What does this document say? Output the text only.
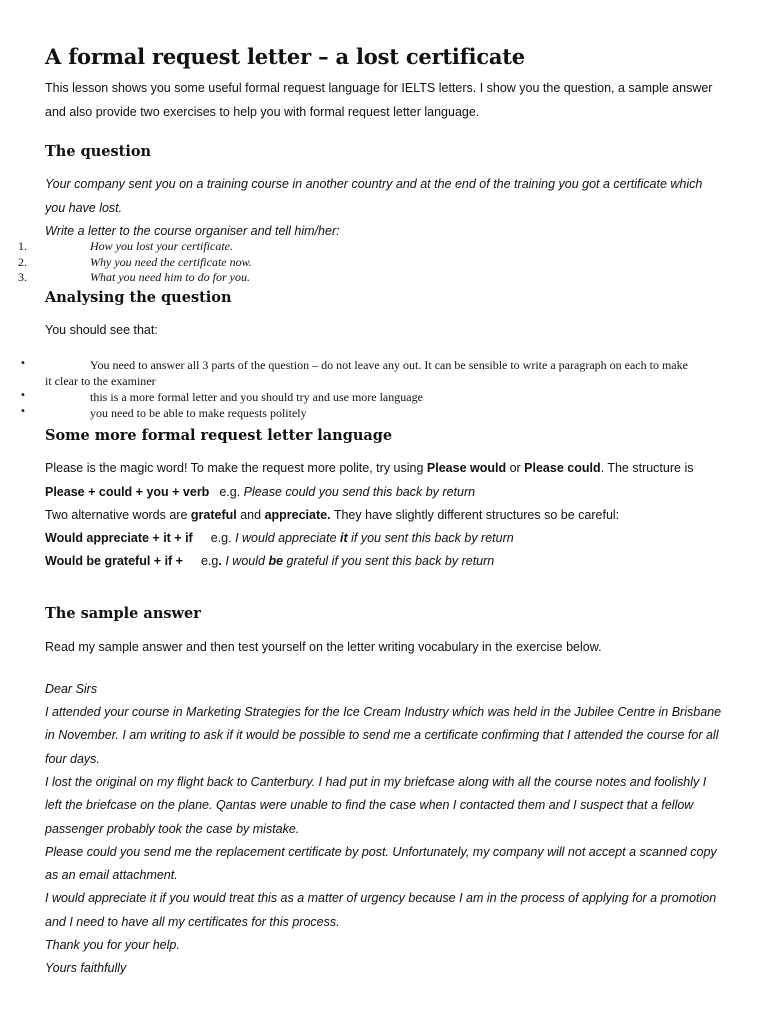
A formal request letter – a lost certificate
This lesson shows you some useful formal request language for IELTS letters. I show you the question, a sample answer
and also provide two exercises to help you with formal request letter language.
The question
Your company sent you on a training course in another country and at the end of the training you got a certificate which
you have lost.
Write a letter to the course organiser and tell him/her:
1.	How you lost your certificate.
2.	Why you need the certificate now.
3.	What you need him to do for you.
Analysing the question
You should see that:
•	You need to answer all 3 parts of the question – do not leave any out. It can be sensible to write a paragraph on each to make
it clear to the examiner
•	this is a more formal letter and you should try and use more language
•	you need to be able to make requests politely
Some more formal request letter language
Please is the magic word! To make the request more polite, try using Please would or Please could. The structure is
Please + could + you + verb e.g. Please could you send this back by return
Two alternative words are grateful and appreciate. They have slightly different structures so be careful:
Would appreciate + it + if e.g. I would appreciate it if you sent this back by return
Would be grateful + if + e.g. I would be grateful if you sent this back by return
The sample answer
Read my sample answer and then test yourself on the letter writing vocabulary in the exercise below.
Dear Sirs
I attended your course in Marketing Strategies for the Ice Cream Industry which was held in the Jubilee Centre in Brisbane
in November. I am writing to ask if it would be possible to send me a certificate confirming that I attended the course for all
four days.
I lost the original on my flight back to Canterbury. I had put in my briefcase along with all the course notes and foolishly I
left the briefcase on the plane. Qantas were unable to find the case when I contacted them and I suspect that a fellow
passenger probably took the case by mistake.
Please could you send me the replacement certificate by post. Unfortunately, my company will not accept a scanned copy
as an email attachment.
I would appreciate it if you would treat this as a matter of urgency because I am in the process of applying for a promotion
and I need to have all my certificates for this process.
Thank you for your help.
Yours faithfully
